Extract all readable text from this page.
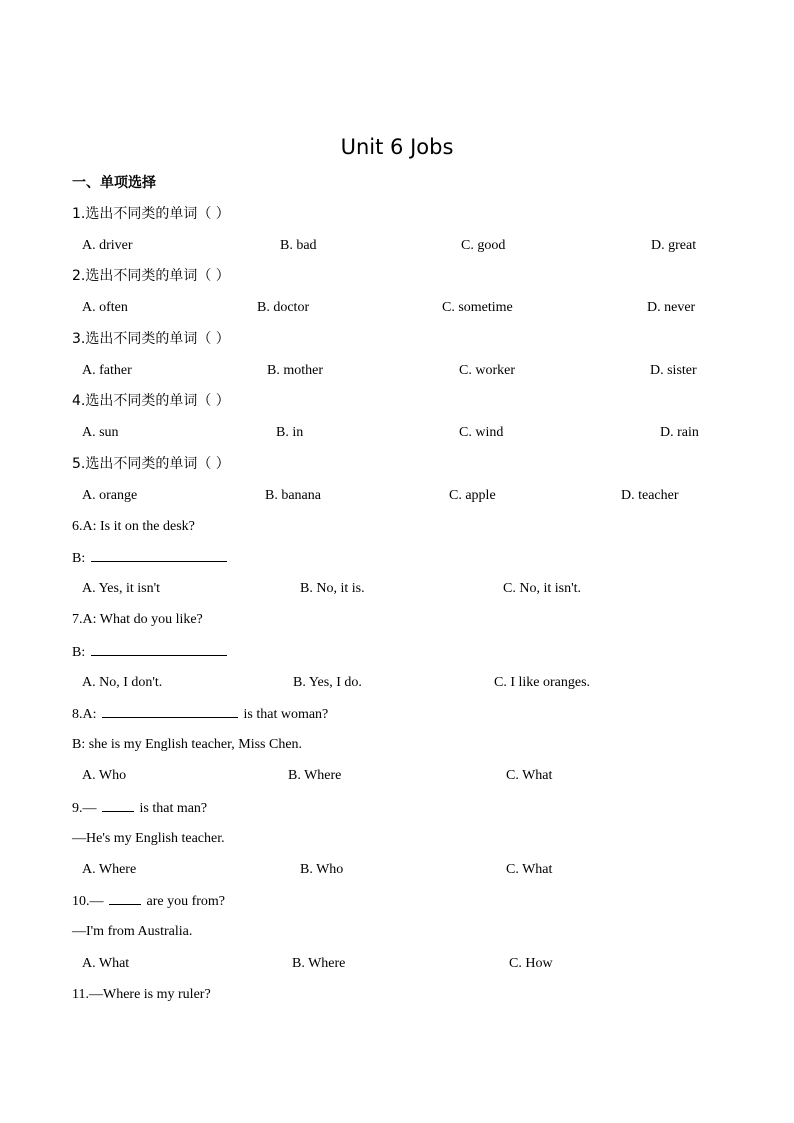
Unit 6 Jobs
一、单项选择
1.选出不同类的单词（ ）
A. driver	B. bad	C. good	D. great
2.选出不同类的单词（ ）
A. often	B. doctor	C. sometime	D. never
3.选出不同类的单词（ ）
A. father	B. mother	C. worker	D. sister
4.选出不同类的单词（ ）
A. sun	B. in	C. wind	D. rain
5.选出不同类的单词（ ）
A. orange	B. banana	C. apple	D. teacher
6.A: Is it on the desk?
B:
A. Yes, it isn't	B. No, it is.	C. No, it isn't.
7.A: What do you like?
B:
A. No, I don't.	B. Yes, I do.	C. I like oranges.
8.A:	is that woman?
B: she is my English teacher, Miss Chen.
A. Who	B. Where	C. What
9.—	is that man?
—He's my English teacher.
A. Where	B. Who	C. What
10.—	are you from?
—I'm from Australia.
A. What	B. Where	C. How
11.—Where is my ruler?
